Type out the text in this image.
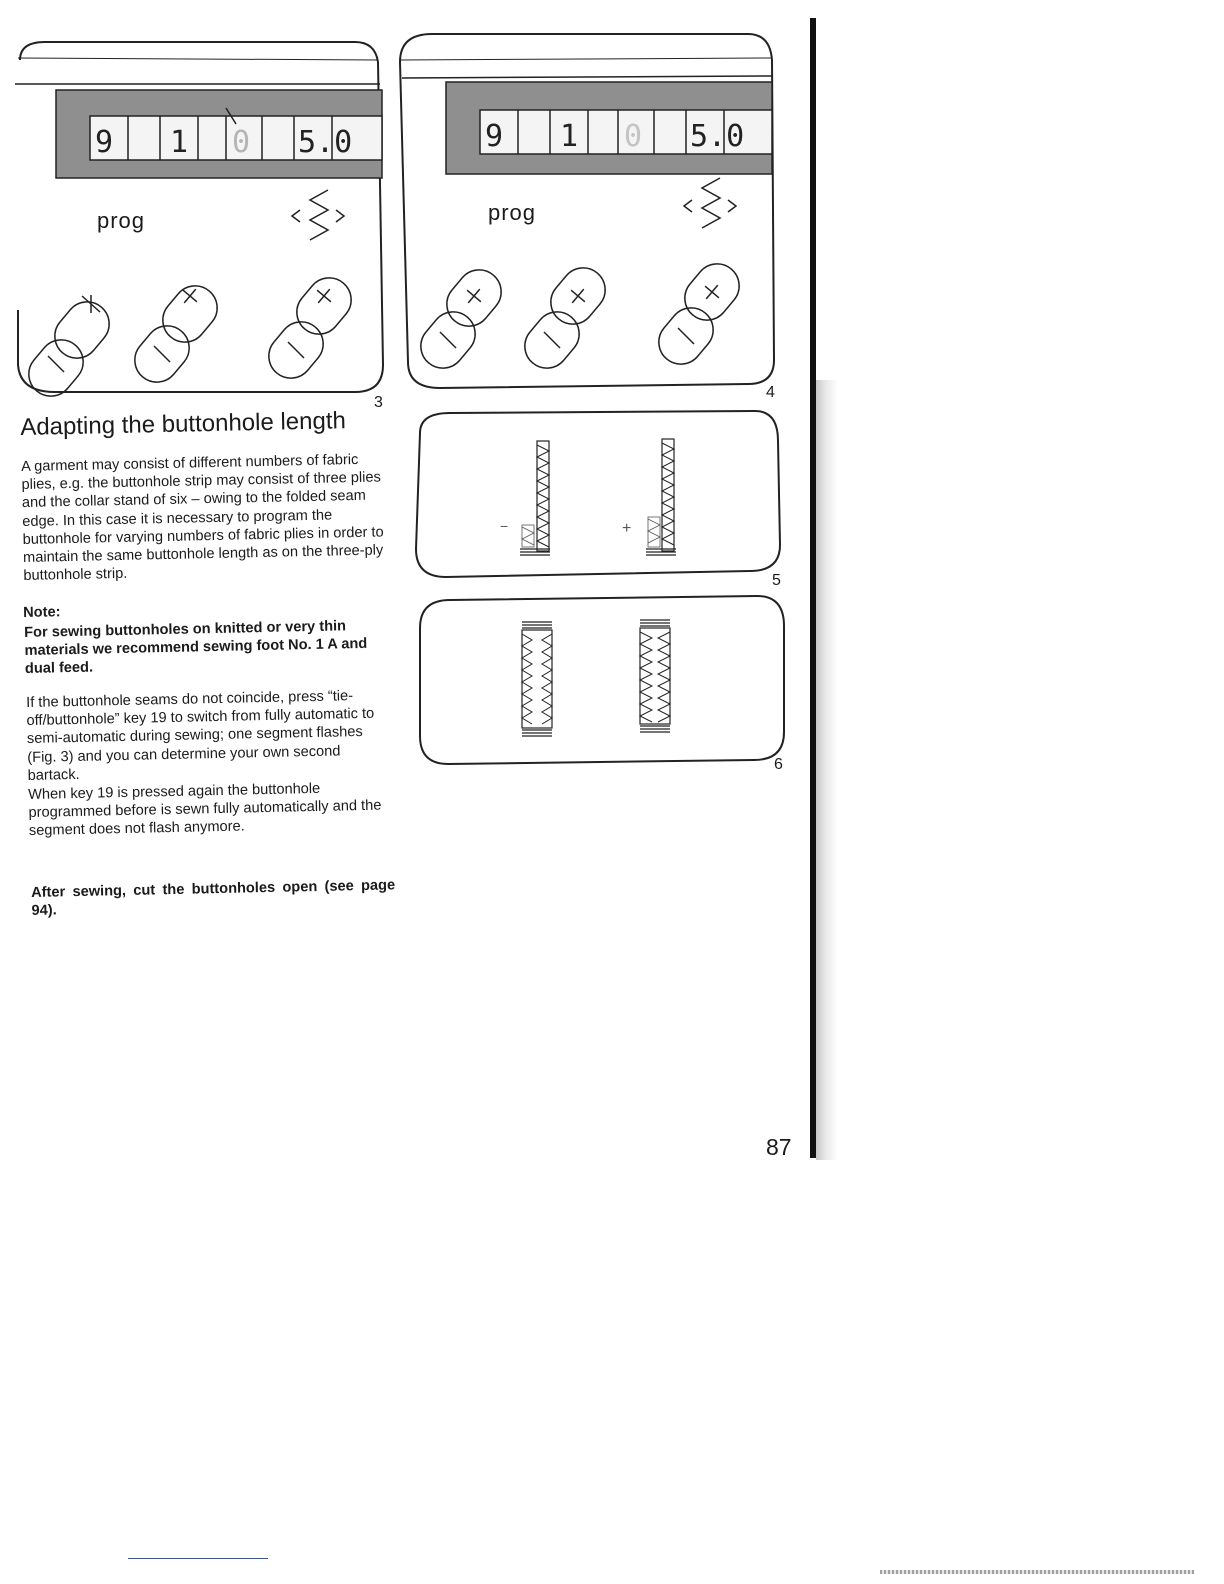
9 1 0 5.0
prog
3
9 1 0 5.0
prog
4
−	+
5
6
Adapting the buttonhole length

A garment may consist of different numbers of fabric plies, e.g. the buttonhole strip may consist of three plies and the collar stand of six – owing to the folded seam edge. In this case it is necessary to program the buttonhole for varying numbers of fabric plies in order to maintain the same buttonhole length as on the three-ply buttonhole strip.

Note:

For sewing buttonholes on knitted or very thin materials we recommend sewing foot No. 1 A and dual feed.

If the buttonhole seams do not coincide, press “tie-off/buttonhole” key 19 to switch from fully automatic to semi-automatic during sewing; one segment flashes (Fig. 3) and you can determine your own second bartack.

When key 19 is pressed again the buttonhole programmed before is sewn fully automatically and the segment does not flash anymore.

After sewing, cut the buttonholes open (see page 94).

87
